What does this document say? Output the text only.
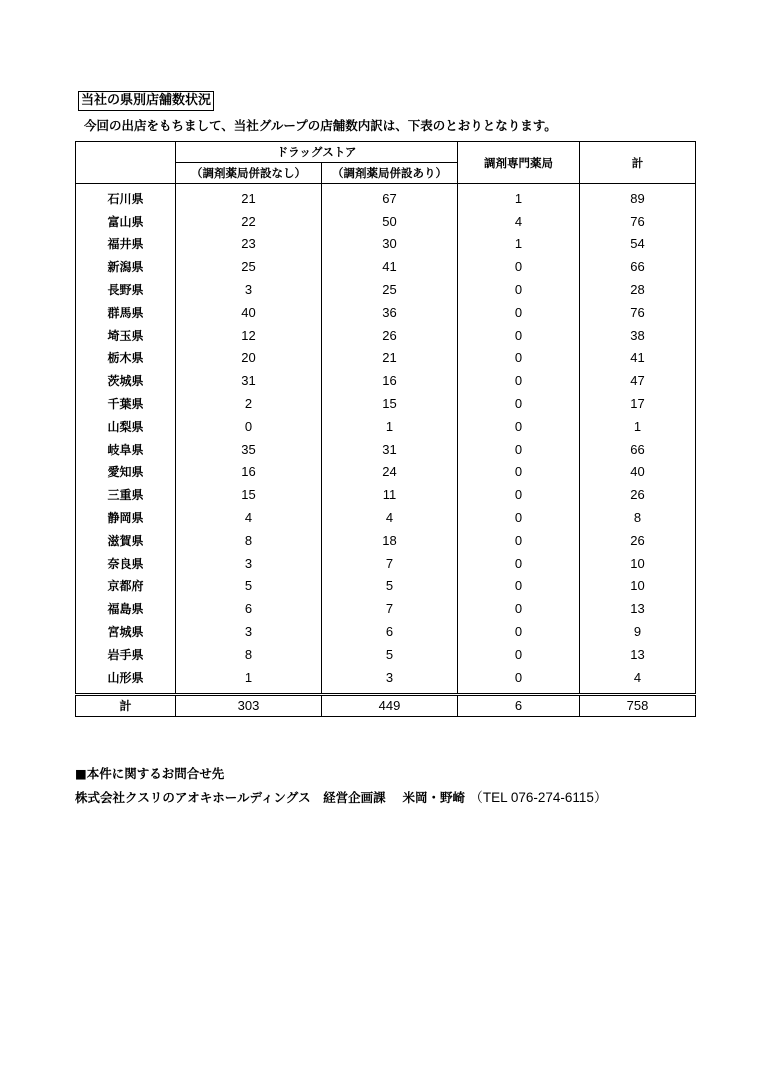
当社の県別店舗数状況
今回の出店をもちまして、当社グループの店舗数内訳は、下表のとおりとなります。
	ドラッグストア		調剤専門薬局	計
	（調剤薬局併設なし）	（調剤薬局併設あり）		

石川県	21	67	1	89
富山県	22	50	4	76
福井県	23	30	1	54
新潟県	25	41	0	66
長野県	3	25	0	28
群馬県	40	36	0	76
埼玉県	12	26	0	38
栃木県	20	21	0	41
茨城県	31	16	0	47
千葉県	2	15	0	17
山梨県	0	1	0	1
岐阜県	35	31	0	66
愛知県	16	24	0	40
三重県	15	11	0	26
静岡県	4	4	0	8
滋賀県	8	18	0	26
奈良県	3	7	0	10
京都府	5	5	0	10
福島県	6	7	0	13
宮城県	3	6	0	9
岩手県	8	5	0	13
山形県	1	3	0	4

計	303	449	6	758
■本件に関するお問合せ先
株式会社クスリのアオキホールディングス　経営企画課　 米岡・野崎 （TEL 076-274-6115）
